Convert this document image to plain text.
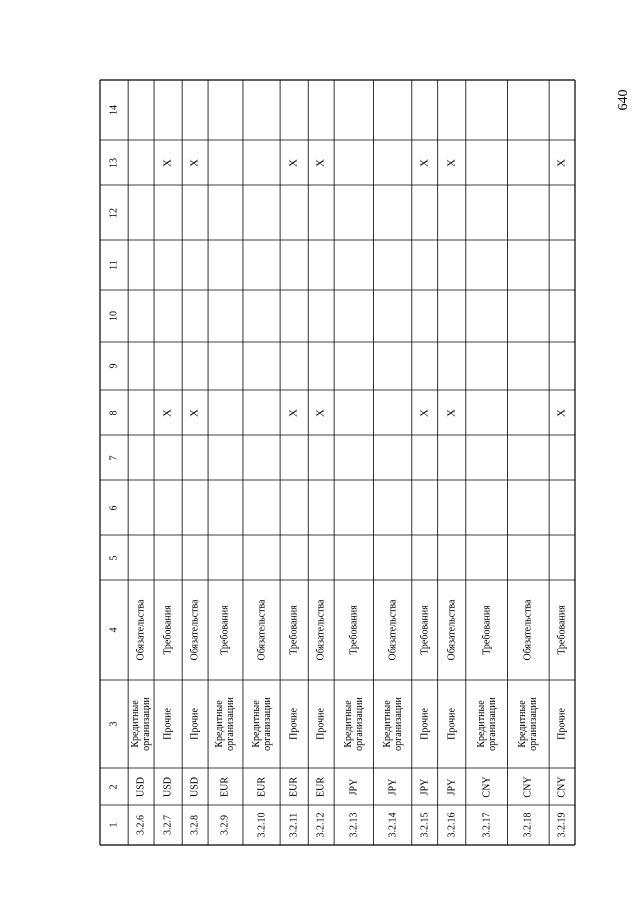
640
1
2
3
4
5
6
7
8
9
10
11
12
13
14
3.2.6
USD
Кредитные
организации
Обязательства
3.2.7
USD
Прочие
Требования
X
X
3.2.8
USD
Прочие
Обязательства
X
X
3.2.9
EUR
Кредитные
организации
Требования
3.2.10
EUR
Кредитные
организации
Обязательства
3.2.11
EUR
Прочие
Требования
X
X
3.2.12
EUR
Прочие
Обязательства
X
X
3.2.13
JPY
Кредитные
организации
Требования
3.2.14
JPY
Кредитные
организации
Обязательства
3.2.15
JPY
Прочие
Требования
X
X
3.2.16
JPY
Прочие
Обязательства
X
X
3.2.17
CNY
Кредитные
организации
Требования
3.2.18
CNY
Кредитные
организации
Обязательства
3.2.19
CNY
Прочие
Требования
X
X
